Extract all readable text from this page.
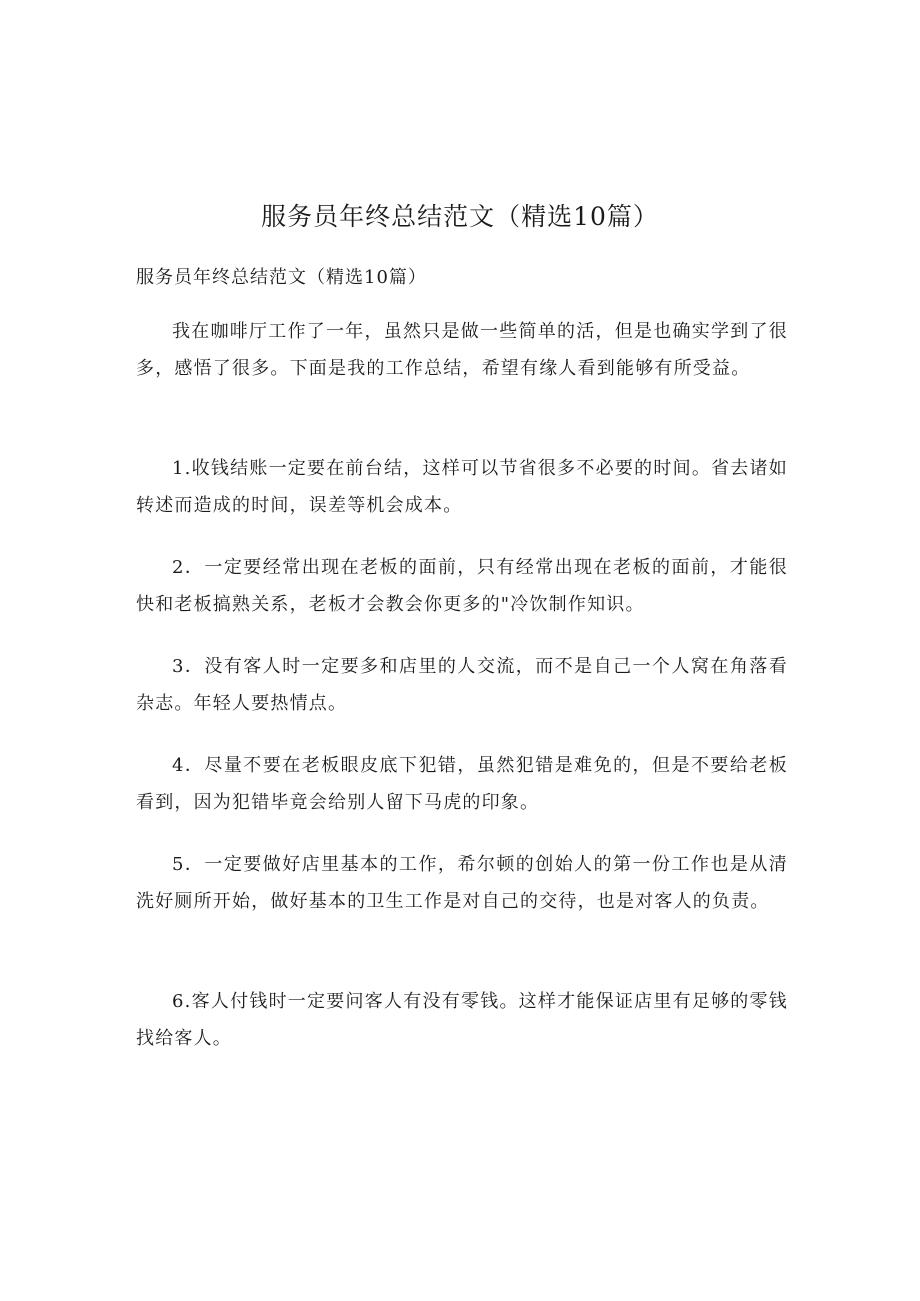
服务员年终总结范文（精选10篇）
服务员年终总结范文（精选10篇）

我在咖啡厅工作了一年，虽然只是做一些简单的活，但是也确实学到了很多，感悟了很多。下面是我的工作总结，希望有缘人看到能够有所受益。

1.收钱结账一定要在前台结，这样可以节省很多不必要的时间。省去诸如转述而造成的时间，误差等机会成本。

2．一定要经常出现在老板的面前，只有经常出现在老板的面前，才能很快和老板搞熟关系，老板才会教会你更多的"冷饮制作知识。

3．没有客人时一定要多和店里的人交流，而不是自己一个人窝在角落看杂志。年轻人要热情点。

4．尽量不要在老板眼皮底下犯错，虽然犯错是难免的，但是不要给老板看到，因为犯错毕竟会给别人留下马虎的印象。

5．一定要做好店里基本的工作，希尔顿的创始人的第一份工作也是从清洗好厕所开始，做好基本的卫生工作是对自己的交待，也是对客人的负责。

6.客人付钱时一定要问客人有没有零钱。这样才能保证店里有足够的零钱找给客人。
